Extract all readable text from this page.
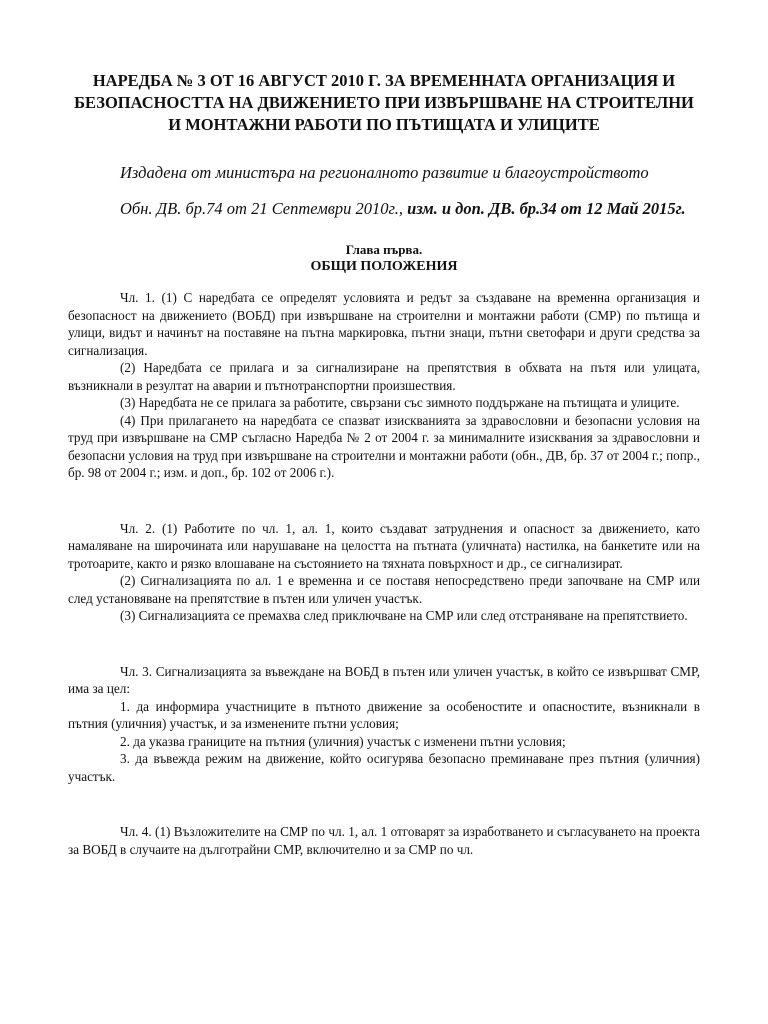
НАРЕДБА № 3 ОТ 16 АВГУСТ 2010 Г. ЗА ВРЕМЕННАТА ОРГАНИЗАЦИЯ И БЕЗОПАСНОСТТА НА ДВИЖЕНИЕТО ПРИ ИЗВЪРШВАНЕ НА СТРОИТЕЛНИ И МОНТАЖНИ РАБОТИ ПО ПЪТИЩАТА И УЛИЦИТЕ

Издадена от министъра на регионалното развитие и благоустройството

Обн. ДВ. бр.74 от 21 Септември 2010г., изм. и доп. ДВ. бр.34 от 12 Май 2015г.

Глава първа.
ОБЩИ ПОЛОЖЕНИЯ

Чл. 1. (1) С наредбата се определят условията и редът за създаване на временна организация и безопасност на движението (ВОБД) при извършване на строителни и монтажни работи (СМР) по пътища и улици, видът и начинът на поставяне на пътна маркировка, пътни знаци, пътни светофари и други средства за сигнализация.

(2) Наредбата се прилага и за сигнализиране на препятствия в обхвата на пътя или улицата, възникнали в резултат на аварии и пътнотранспортни произшествия.

(3) Наредбата не се прилага за работите, свързани със зимното поддържане на пътищата и улиците.

(4) При прилагането на наредбата се спазват изискванията за здравословни и безопасни условия на труд при извършване на СМР съгласно Наредба № 2 от 2004 г. за минималните изисквания за здравословни и безопасни условия на труд при извършване на строителни и монтажни работи (обн., ДВ, бр. 37 от 2004 г.; попр., бр. 98 от 2004 г.; изм. и доп., бр. 102 от 2006 г.).

Чл. 2. (1) Работите по чл. 1, ал. 1, които създават затруднения и опасност за движението, като намаляване на широчината или нарушаване на целостта на пътната (уличната) настилка, на банкетите или на тротоарите, както и рязко влошаване на състоянието на тяхната повърхност и др., се сигнализират.

(2) Сигнализацията по ал. 1 е временна и се поставя непосредствено преди започване на СМР или след установяване на препятствие в пътен или уличен участък.

(3) Сигнализацията се премахва след приключване на СМР или след отстраняване на препятствието.

Чл. 3. Сигнализацията за въвеждане на ВОБД в пътен или уличен участък, в който се извършват СМР, има за цел:

1. да информира участниците в пътното движение за особеностите и опасностите, възникнали в пътния (уличния) участък, и за изменените пътни условия;

2. да указва границите на пътния (уличния) участък с изменени пътни условия;

3. да въвежда режим на движение, който осигурява безопасно преминаване през пътния (уличния) участък.

Чл. 4. (1) Възложителите на СМР по чл. 1, ал. 1 отговарят за изработването и съгласуването на проекта за ВОБД в случаите на дълготрайни СМР, включително и за СМР по чл.
